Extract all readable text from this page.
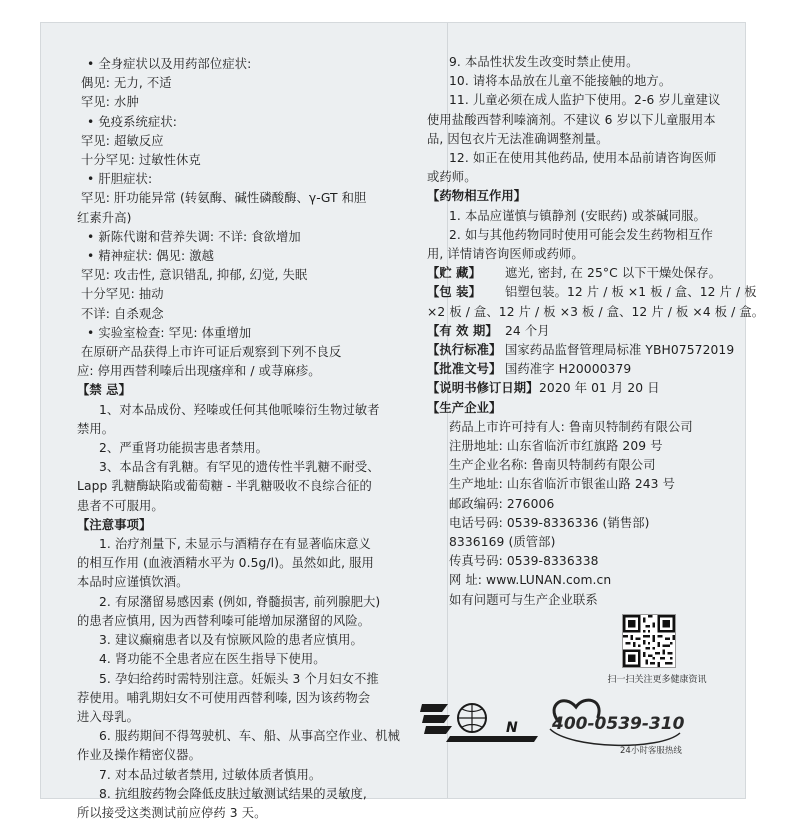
• 全身症状以及用药部位症状:
偶见: 无力, 不适
罕见: 水肿
• 免疫系统症状:
罕见: 超敏反应
十分罕见: 过敏性休克
• 肝胆症状:
罕见: 肝功能异常 (转氨酶、碱性磷酸酶、γ-GT 和胆
红素升高)
• 新陈代谢和营养失调: 不详: 食欲增加
• 精神症状: 偶见: 激越
罕见: 攻击性, 意识错乱, 抑郁, 幻觉, 失眠
十分罕见: 抽动
不详: 自杀观念
• 实验室检查: 罕见: 体重增加
在原研产品获得上市许可证后观察到下列不良反
应: 停用西替利嗪后出现瘙痒和 / 或荨麻疹。
【禁 忌】
1、对本品成份、羟嗪或任何其他哌嗪衍生物过敏者
禁用。
2、严重肾功能损害患者禁用。
3、本品含有乳糖。有罕见的遗传性半乳糖不耐受、
Lapp 乳糖酶缺陷或葡萄糖 - 半乳糖吸收不良综合征的
患者不可服用。
【注意事项】
1. 治疗剂量下, 未显示与酒精存在有显著临床意义
的相互作用 (血液酒精水平为 0.5g/l)。虽然如此, 服用
本品时应谨慎饮酒。
2. 有尿潴留易感因素 (例如, 脊髓损害, 前列腺肥大)
的患者应慎用, 因为西替利嗪可能增加尿潴留的风险。
3. 建议癫痫患者以及有惊厥风险的患者应慎用。
4. 肾功能不全患者应在医生指导下使用。
5. 孕妇给药时需特别注意。妊娠头 3 个月妇女不推
荐使用。哺乳期妇女不可使用西替利嗪, 因为该药物会
进入母乳。
6. 服药期间不得驾驶机、车、船、从事高空作业、机械
作业及操作精密仪器。
7. 对本品过敏者禁用, 过敏体质者慎用。
8. 抗组胺药物会降低皮肤过敏测试结果的灵敏度,
所以接受这类测试前应停药 3 天。
9. 本品性状发生改变时禁止使用。
10. 请将本品放在儿童不能接触的地方。
11. 儿童必须在成人监护下使用。2-6 岁儿童建议
使用盐酸西替利嗪滴剂。不建议 6 岁以下儿童服用本
品, 因包衣片无法准确调整剂量。
12. 如正在使用其他药品, 使用本品前请咨询医师
或药师。
【药物相互作用】
1. 本品应谨慎与镇静剂 (安眠药) 或茶碱同服。
2. 如与其他药物同时使用可能会发生药物相互作
用, 详情请咨询医师或药师。
【贮 藏】	遮光, 密封, 在 25°C 以下干燥处保存。
【包 装】	铝塑包装。12 片 / 板 ×1 板 / 盒、12 片 / 板
×2 板 / 盒、12 片 / 板 ×3 板 / 盒、12 片 / 板 ×4 板 / 盒。
【有 效 期】 24 个月
【执行标准】 国家药品监督管理局标准 YBH07572019
【批准文号】 国药准字 H20000379
【说明书修订日期】 2020 年 01 月 20 日
【生产企业】
药品上市许可持有人: 鲁南贝特制药有限公司
注册地址: 山东省临沂市红旗路 209 号
生产企业名称: 鲁南贝特制药有限公司
生产地址: 山东省临沂市银雀山路 243 号
邮政编码: 276006
电话号码: 0539-8336336 (销售部)
8336169 (质管部)
传真号码: 0539-8336338
网 址: www.LUNAN.com.cn
如有问题可与生产企业联系
扫一扫关注更多健康资讯
N 400-0539-310
24小时客服热线
